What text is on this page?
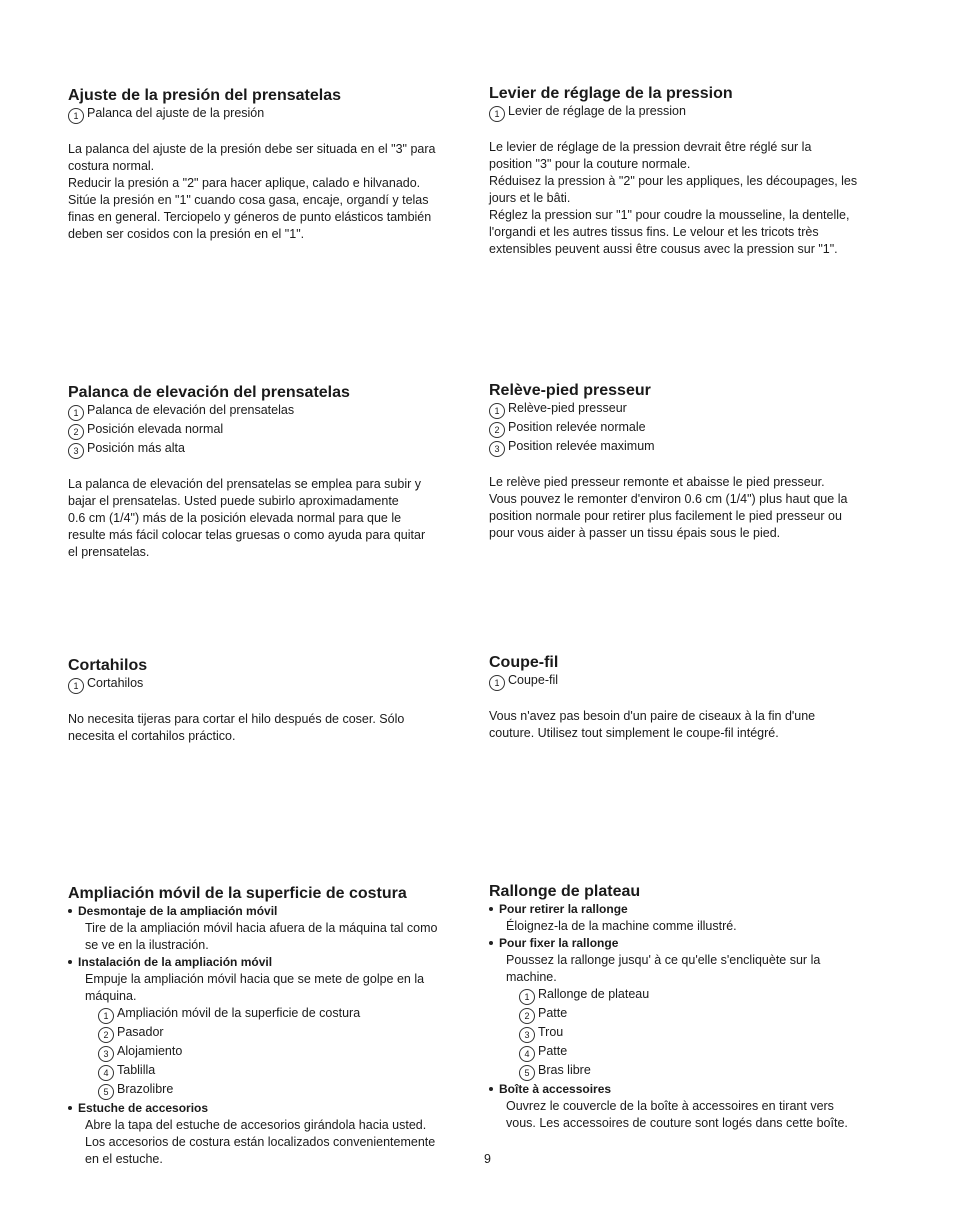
Ajuste de la presión del prensatelas
1 Palanca del ajuste de la presión
La palanca del ajuste de la presión debe ser situada en el "3" para
costura normal.
Reducir la presión a "2" para hacer aplique, calado e hilvanado.
Sitúe la presión en "1" cuando cosa gasa, encaje, organdí y telas
finas en general. Terciopelo y géneros de punto elásticos también
deben ser cosidos con la presión en el "1".
Levier de réglage de la pression
1 Levier de réglage de la pression
Le levier de réglage de la pression devrait être réglé sur la
position "3" pour la couture normale.
Réduisez la pression à "2" pour les appliques, les découpages, les
jours et le bâti.
Réglez la pression sur "1" pour coudre la mousseline, la dentelle,
l'organdi et les autres tissus fins. Le velour et les tricots très
extensibles peuvent aussi être cousus avec la pression sur "1".
Palanca de elevación del prensatelas
1 Palanca de elevación del prensatelas
2 Posición elevada normal
3 Posición más alta
La palanca de elevación del prensatelas se emplea para subir y
bajar el prensatelas. Usted puede subirlo aproximadamente
0.6 cm (1/4") más de la posición elevada normal para que le
resulte más fácil colocar telas gruesas o como ayuda para quitar
el prensatelas.
Relève-pied presseur
1 Relève-pied presseur
2 Position relevée normale
3 Position relevée maximum
Le relève pied presseur remonte et abaisse le pied presseur.
Vous pouvez le remonter d'environ 0.6 cm (1/4") plus haut que la
position normale pour retirer plus facilement le pied presseur ou
pour vous aider à passer un tissu épais sous le pied.
Cortahilos
1 Cortahilos
No necesita tijeras para cortar el hilo después de coser. Sólo
necesita el cortahilos práctico.
Coupe-fil
1 Coupe-fil
Vous n'avez pas besoin d'un paire de ciseaux à la fin d'une
couture. Utilisez tout simplement le coupe-fil intégré.
Ampliación móvil de la superficie de costura
Desmontaje de la ampliación móvil
Tire de la ampliación móvil hacia afuera de la máquina tal como
se ve en la ilustración.
Instalación de la ampliación móvil
Empuje la ampliación móvil hacia que se mete de golpe en la
máquina.
1 Ampliación móvil de la superficie de costura
2 Pasador
3 Alojamiento
4 Tablilla
5 Brazolibre
Estuche de accesorios
Abre la tapa del estuche de accesorios girándola hacia usted.
Los accesorios de costura están localizados convenientemente
en el estuche.
Rallonge de plateau
Pour retirer la rallonge
Éloignez-la de la machine comme illustré.
Pour fixer la rallonge
Poussez la rallonge jusqu' à ce qu'elle s'encliquète sur la
machine.
1 Rallonge de plateau
2 Patte
3 Trou
4 Patte
5 Bras libre
Boîte à accessoires
Ouvrez le couvercle de la boîte à accessoires en tirant vers
vous. Les accessoires de couture sont logés dans cette boîte.
9
